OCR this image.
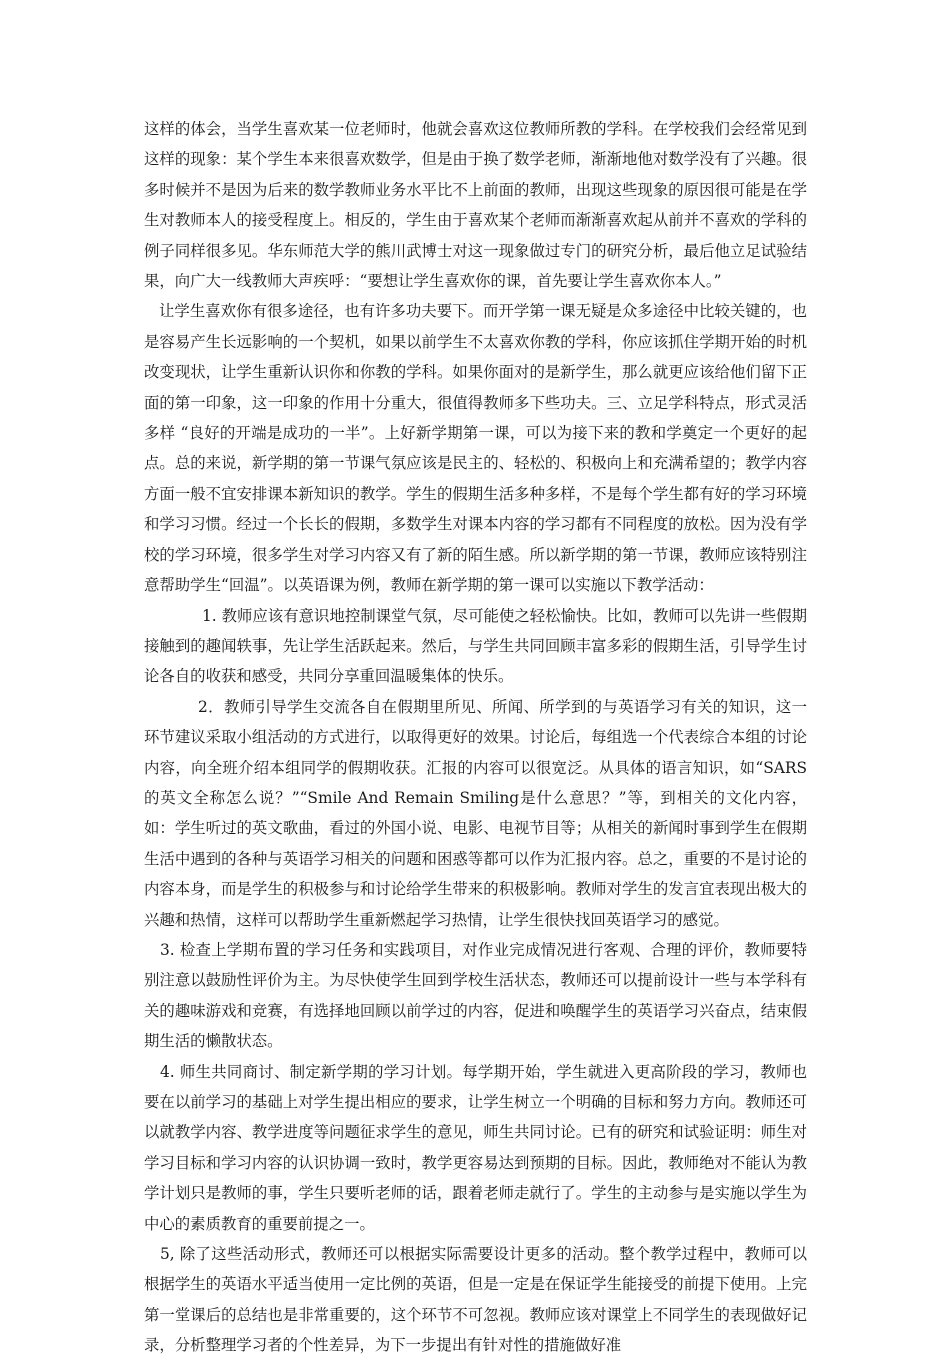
这样的体会，当学生喜欢某一位老师时，他就会喜欢这位教师所教的学科。在学校我们会经常见到这样的现象：某个学生本来很喜欢数学，但是由于换了数学老师，渐渐地他对数学没有了兴趣。很多时候并不是因为后来的数学教师业务水平比不上前面的教师，出现这些现象的原因很可能是在学生对教师本人的接受程度上。相反的，学生由于喜欢某个老师而渐渐喜欢起从前并不喜欢的学科的例子同样很多见。华东师范大学的熊川武博士对这一现象做过专门的研究分析，最后他立足试验结果，向广大一线教师大声疾呼：“要想让学生喜欢你的课，首先要让学生喜欢你本人。”

让学生喜欢你有很多途径，也有许多功夫要下。而开学第一课无疑是众多途径中比较关键的，也是容易产生长远影响的一个契机，如果以前学生不太喜欢你教的学科，你应该抓住学期开始的时机改变现状，让学生重新认识你和你教的学科。如果你面对的是新学生，那么就更应该给他们留下正面的第一印象，这一印象的作用十分重大，很值得教师多下些功夫。三、立足学科特点，形式灵活多样 “良好的开端是成功的一半”。上好新学期第一课，可以为接下来的教和学奠定一个更好的起点。总的来说，新学期的第一节课气氛应该是民主的、轻松的、积极向上和充满希望的；教学内容方面一般不宜安排课本新知识的教学。学生的假期生活多种多样，不是每个学生都有好的学习环境和学习习惯。经过一个长长的假期，多数学生对课本内容的学习都有不同程度的放松。因为没有学校的学习环境，很多学生对学习内容又有了新的陌生感。所以新学期的第一节课，教师应该特别注意帮助学生“回温”。以英语课为例，教师在新学期的第一课可以实施以下教学活动：

1. 教师应该有意识地控制课堂气氛，尽可能使之轻松愉快。比如，教师可以先讲一些假期接触到的趣闻轶事，先让学生活跃起来。然后，与学生共同回顾丰富多彩的假期生活，引导学生讨论各自的收获和感受，共同分享重回温暖集体的快乐。

2．教师引导学生交流各自在假期里所见、所闻、所学到的与英语学习有关的知识，这一环节建议采取小组活动的方式进行，以取得更好的效果。讨论后，每组选一个代表综合本组的讨论内容，向全班介绍本组同学的假期收获。汇报的内容可以很宽泛。从具体的语言知识，如“SARS的英文全称怎么说？”“Smile And Remain Smiling是什么意思？”等，到相关的文化内容，如：学生听过的英文歌曲，看过的外国小说、电影、电视节目等；从相关的新闻时事到学生在假期生活中遇到的各种与英语学习相关的问题和困惑等都可以作为汇报内容。总之，重要的不是讨论的内容本身，而是学生的积极参与和讨论给学生带来的积极影响。教师对学生的发言宜表现出极大的兴趣和热情，这样可以帮助学生重新燃起学习热情，让学生很快找回英语学习的感觉。

3. 检查上学期布置的学习任务和实践项目，对作业完成情况进行客观、合理的评价，教师要特别注意以鼓励性评价为主。为尽快使学生回到学校生活状态，教师还可以提前设计一些与本学科有关的趣味游戏和竞赛，有选择地回顾以前学过的内容，促进和唤醒学生的英语学习兴奋点，结束假期生活的懒散状态。

4. 师生共同商讨、制定新学期的学习计划。每学期开始，学生就进入更高阶段的学习，教师也要在以前学习的基础上对学生提出相应的要求，让学生树立一个明确的目标和努力方向。教师还可以就教学内容、教学进度等问题征求学生的意见，师生共同讨论。已有的研究和试验证明：师生对学习目标和学习内容的认识协调一致时，教学更容易达到预期的目标。因此，教师绝对不能认为教学计划只是教师的事，学生只要听老师的话，跟着老师走就行了。学生的主动参与是实施以学生为中心的素质教育的重要前提之一。

5, 除了这些活动形式，教师还可以根据实际需要设计更多的活动。整个教学过程中，教师可以根据学生的英语水平适当使用一定比例的英语，但是一定是在保证学生能接受的前提下使用。上完第一堂课后的总结也是非常重要的，这个环节不可忽视。教师应该对课堂上不同学生的表现做好记录，分析整理学习者的个性差异，为下一步提出有针对性的措施做好准
